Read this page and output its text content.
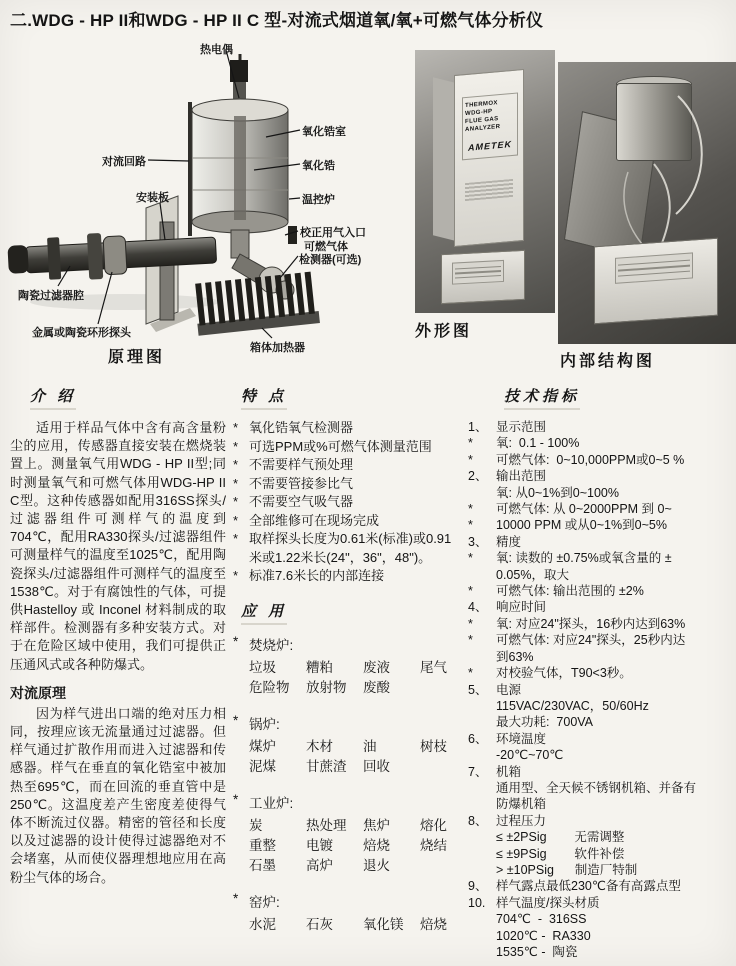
二.WDG - HP II和WDG - HP II C 型-对流式烟道氧/氧+可燃气体分析仪
热电偶
氧化锆室
氧化锆
温控炉
对流回路
安装板
校正用气入口
可燃气体
检测器(可选)
陶瓷过滤器腔
金属或陶瓷环形探头
箱体加热器
原理图
THERMOX WDG-HP
FLUE GAS ANALYZER
AMETEK
外形图
内部结构图
介 绍

适用于样品气体中含有高含量粉尘的应用，传感器直接安装在燃烧装置上。测量氧气用WDG - HP II型;同时测量氧气和可燃气体用WDG-HP II C型。这种传感器如配用316SS探头/过滤器组件可测样气的温度到704℃，配用RA330探头/过滤器组件可测量样气的温度至1025℃，配用陶瓷探头/过滤器组件可测样气的温度至1538℃。对于有腐蚀性的气体，可提供Hastelloy 或 Inconel 材料制成的取样部件。检测器有多种安装方式。对于在危险区域中使用，我们可提供正压通风式或各种防爆式。

对流原理

因为样气进出口端的绝对压力相同，按理应该无流量通过过滤器。但样气通过扩散作用而进入过滤器和传感器。样气在垂直的氧化锆室中被加热至695℃，而在回流的垂直管中是250℃。这温度差产生密度差使得气体不断流过仪器。精密的管径和长度以及过滤器的设计使得过滤器绝对不会堵塞，从而使仪器理想地应用在高粉尘气体的场合。

特 点
* 氧化锆氧气检测器
* 可选PPM或%可燃气体测量范围
* 不需要样气预处理
* 不需要管接参比气
* 不需要空气吸气器
* 全部维修可在现场完成
* 取样探头长度为0.61米(标准)或0.91米或1.22米长(24"，36"，48")。
* 标准7.6米长的内部连接
应 用
* 焚烧炉:
垃圾	糟粕	废液	尾气
危险物	放射物	废酸
* 锅炉:
煤炉	木材	油	树枝
泥煤	甘蔗渣	回收
* 工业炉:
炭	热处理	焦炉	熔化
重整	电镀	焙烧	烧结
石墨	高炉	退火
* 窑炉:
水泥	石灰	氧化镁	焙烧
技术指标
1、 显示范围
*	氧:  0.1 - 100%
*	可燃气体:  0~10,000PPM或0~5 %
2、 输出范围
氧: 从0~1%到0~100%
*	可燃气体: 从 0~2000PPM 到 0~
*	10000 PPM 或从0~1%到0~5%
3、 精度
*	氧: 读数的 ±0.75%或氧含量的 ±
0.05%，取大
*	可燃气体: 输出范围的 ±2%
4、 响应时间
*	氧: 对应24"探头，16秒内达到63%
*	可燃气体: 对应24"探头，25秒内达
到63%
*	对校验气体，T90<3秒。
5、 电源
115VAC/230VAC，50/60Hz
最大功耗:  700VA
6、 环境温度
-20℃~70℃
7、 机箱
通用型、全天候不锈钢机箱、并备有
防爆机箱
8、 过程压力
≤ ±2PSig        无需调整
≤ ±9PSig        软件补偿
> ±10PSig      制造厂特制
9、 样气露点最低230℃备有高露点型
10. 样气温度/探头材质
704℃  -  316SS
1020℃ -  RA330
1535℃ -  陶瓷
